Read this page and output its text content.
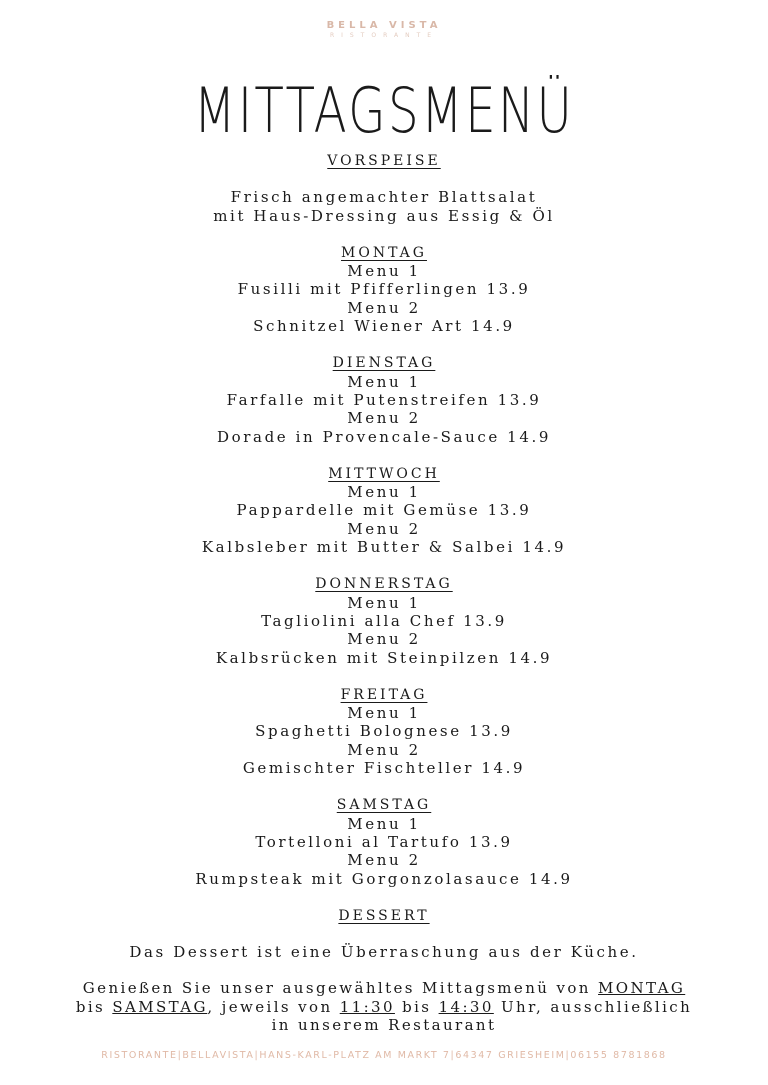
BELLA VISTA
RISTORANTE
MITTAGSMENÜ
VORSPEISE
Frisch angemachter Blattsalat
mit Haus-Dressing aus Essig & Öl
MONTAG
Menu 1
Fusilli mit Pfifferlingen 13.9
Menu 2
Schnitzel Wiener Art 14.9
DIENSTAG
Menu 1
Farfalle mit Putenstreifen 13.9
Menu 2
Dorade in Provencale-Sauce 14.9
MITTWOCH
Menu 1
Pappardelle mit Gemüse 13.9
Menu 2
Kalbsleber mit Butter & Salbei 14.9
DONNERSTAG
Menu 1
Tagliolini alla Chef 13.9
Menu 2
Kalbsrücken mit Steinpilzen 14.9
FREITAG
Menu 1
Spaghetti Bolognese 13.9
Menu 2
Gemischter Fischteller 14.9
SAMSTAG
Menu 1
Tortelloni al Tartufo 13.9
Menu 2
Rumpsteak mit Gorgonzolasauce 14.9
DESSERT
Das Dessert ist eine Überraschung aus der Küche.
Genießen Sie unser ausgewähltes Mittagsmenü von MONTAG
bis SAMSTAG, jeweils von 11:30 bis 14:30 Uhr, ausschließlich
in unserem Restaurant
RISTORANTE|BELLAVISTA|HANS-KARL-PLATZ AM MARKT 7|64347 GRIESHEIM|06155 8781868
